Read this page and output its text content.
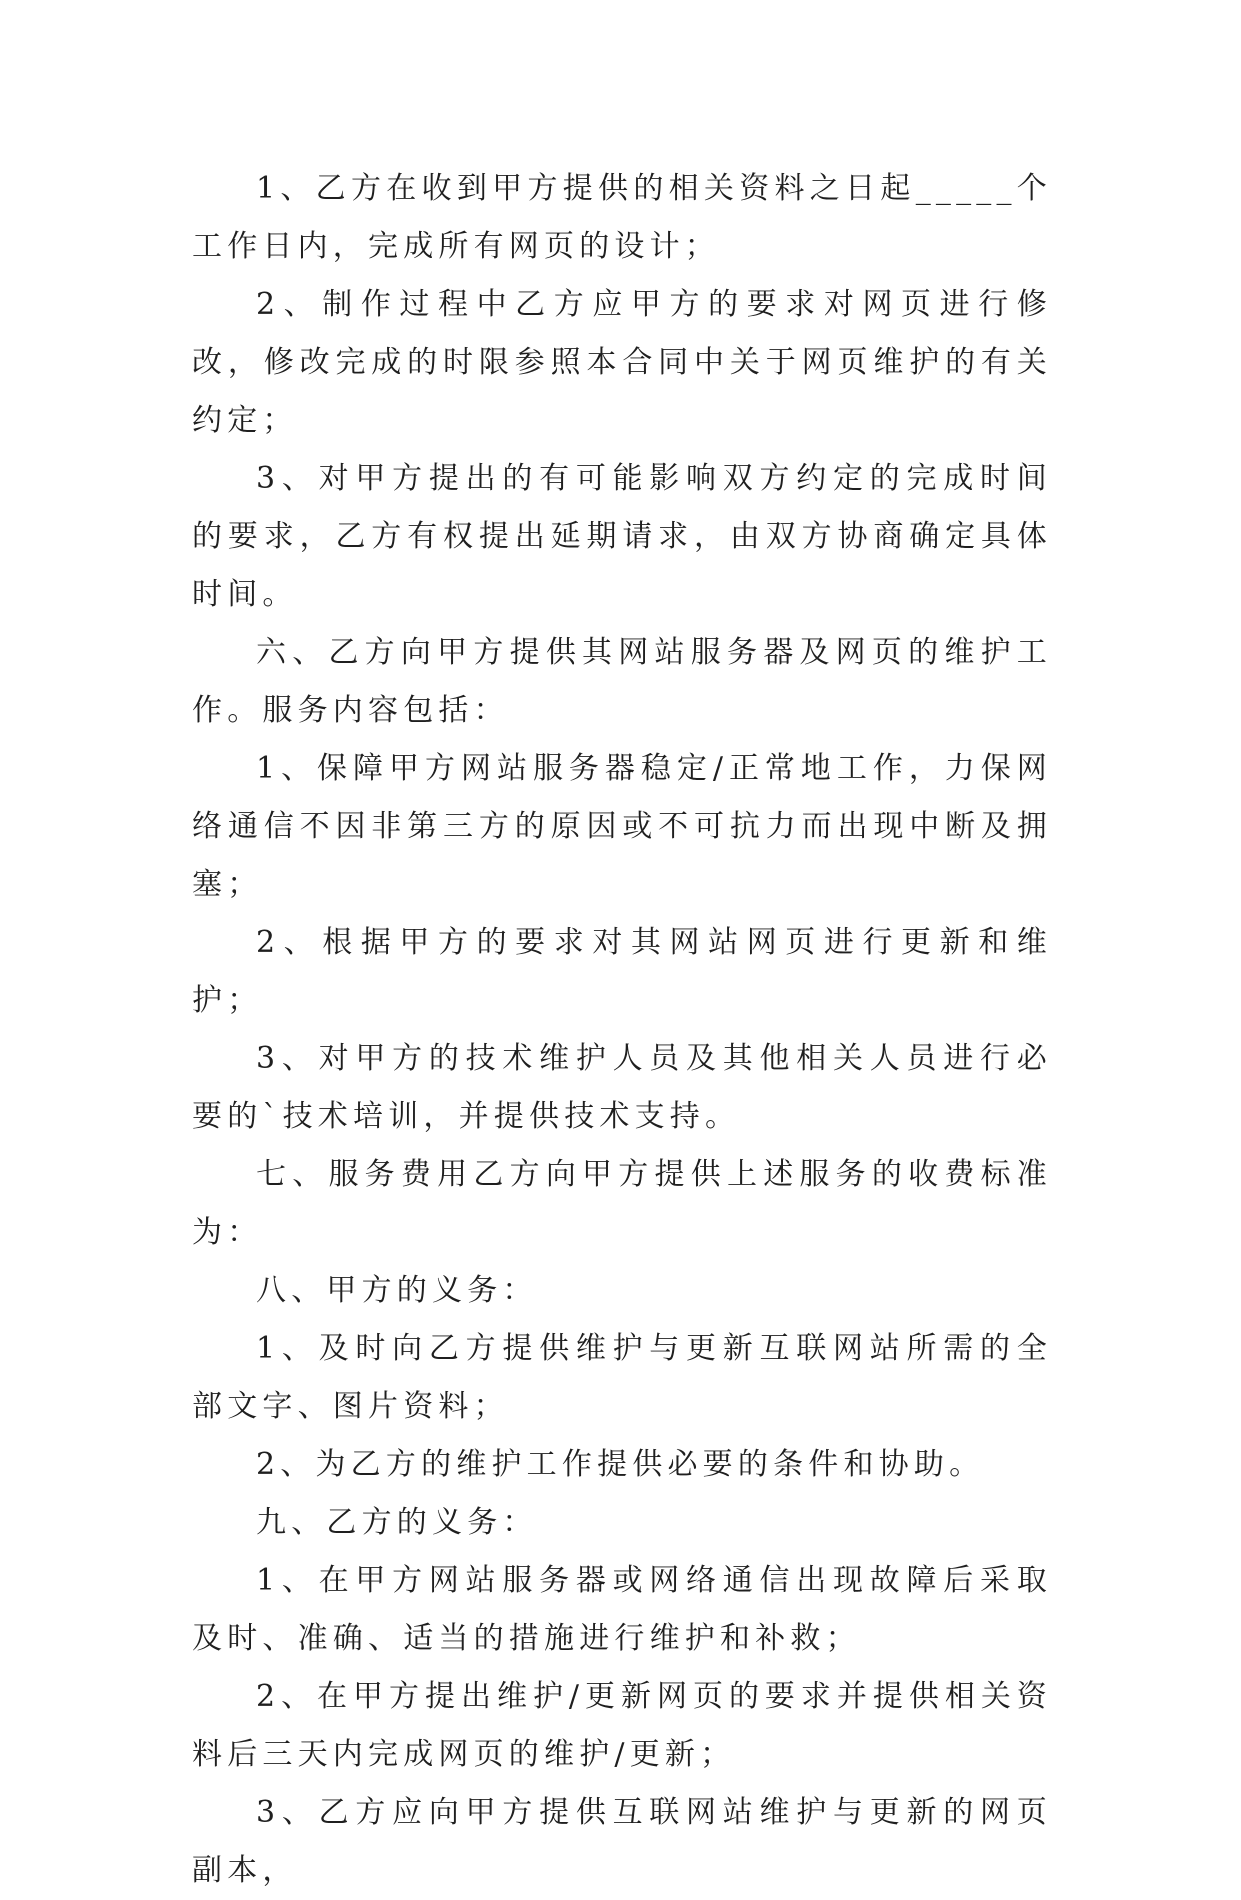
1、乙方在收到甲方提供的相关资料之日起_____个工作日内，完成所有网页的设计；

2、制作过程中乙方应甲方的要求对网页进行修改，修改完成的时限参照本合同中关于网页维护的有关约定；

3、对甲方提出的有可能影响双方约定的完成时间的要求，乙方有权提出延期请求，由双方协商确定具体时间。

六、乙方向甲方提供其网站服务器及网页的维护工作。服务内容包括：

1、保障甲方网站服务器稳定/正常地工作，力保网络通信不因非第三方的原因或不可抗力而出现中断及拥塞；

2、根据甲方的要求对其网站网页进行更新和维护；

3、对甲方的技术维护人员及其他相关人员进行必要的`技术培训，并提供技术支持。

七、服务费用乙方向甲方提供上述服务的收费标准为：

八、甲方的义务：

1、及时向乙方提供维护与更新互联网站所需的全部文字、图片资料；

2、为乙方的维护工作提供必要的条件和协助。

九、乙方的义务：

1、在甲方网站服务器或网络通信出现故障后采取及时、准确、适当的措施进行维护和补救；

2、在甲方提出维护/更新网页的要求并提供相关资料后三天内完成网页的维护/更新；

3、乙方应向甲方提供互联网站维护与更新的网页副本，
